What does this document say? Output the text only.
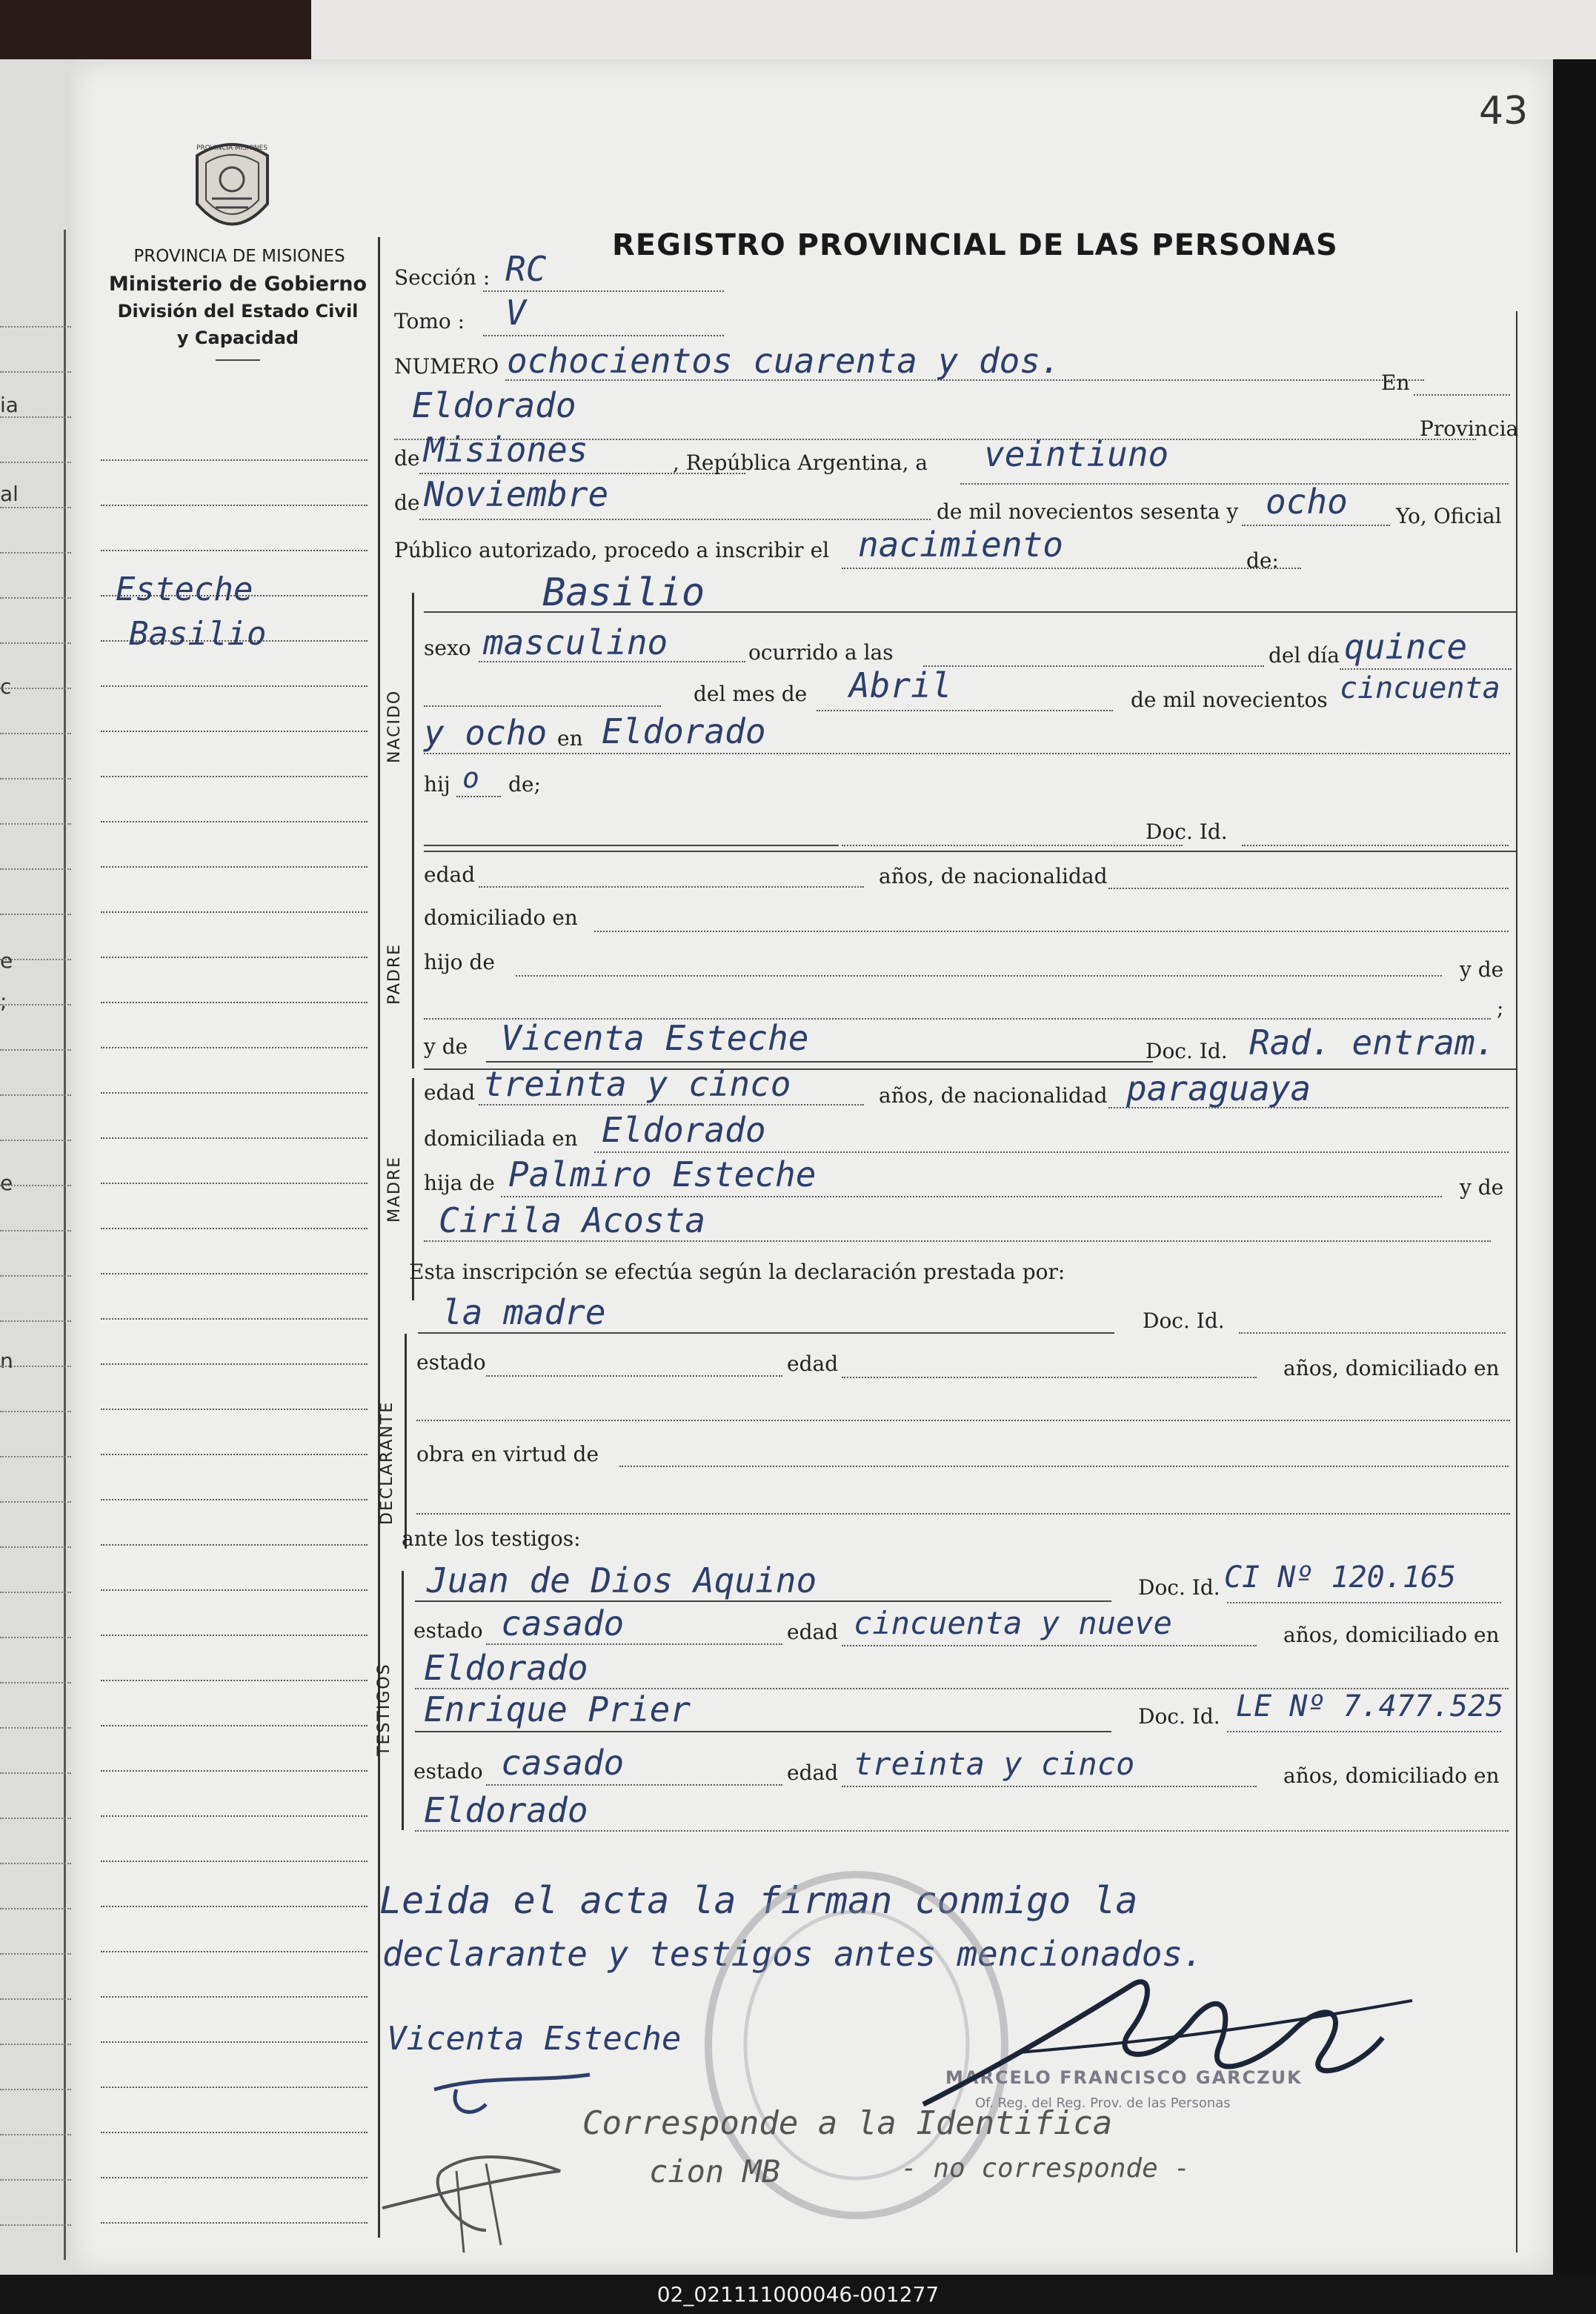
ia
al
c
e
;
e
n
43
PROVINCIA MISIONES
PROVINCIA DE MISIONES
Ministerio de Gobierno
División del Estado Civil
y Capacidad
REGISTRO PROVINCIAL DE LAS PERSONAS
Esteche
Basilio
Sección : RC
Tomo : V
NUMERO ochocientos cuarenta y dos.
En
Eldorado
Provincia
de Misiones	, República Argentina, a veintiuno
de Noviembre	de mil novecientos sesenta y ocho Yo, Oficial
Público autorizado, procedo a inscribir el nacimiento	de:
NACIDO
Basilio
sexo masculino	ocurrido a las	del día quince
del mes de Abril	de mil novecientos cincuenta
y ocho en Eldorado
hij o de;
PADRE
Doc. Id.
edad	años, de nacionalidad
domiciliado en
hijo de	y de
;
MADRE
y de Vicenta Esteche	Doc. Id. Rad. entram.
edad treinta y cinco	años, de nacionalidad paraguaya
domiciliada en Eldorado
hija de Palmiro Esteche	y de
Cirila Acosta
Esta inscripción se efectúa según la declaración prestada por:
DECLARANTE
la madre	Doc. Id.
estado	edad	años, domiciliado en
obra en virtud de
ante los testigos:
TESTIGOS
Juan de Dios Aquino	Doc. Id. CI Nº 120.165
estado casado	edad cincuenta y nueve	años, domiciliado en
Eldorado
Enrique Prier	Doc. Id. LE Nº 7.477.525
estado casado	edad treinta y cinco	años, domiciliado en
Eldorado
Leida el acta la firman conmigo la
declarante y testigos antes mencionados.
Vicenta Esteche
MARCELO FRANCISCO GARCZUK
Of. Reg. del Reg. Prov. de las Personas
Corresponde a la Identifica
cion MB	- no corresponde -
02_021111000046-001277
